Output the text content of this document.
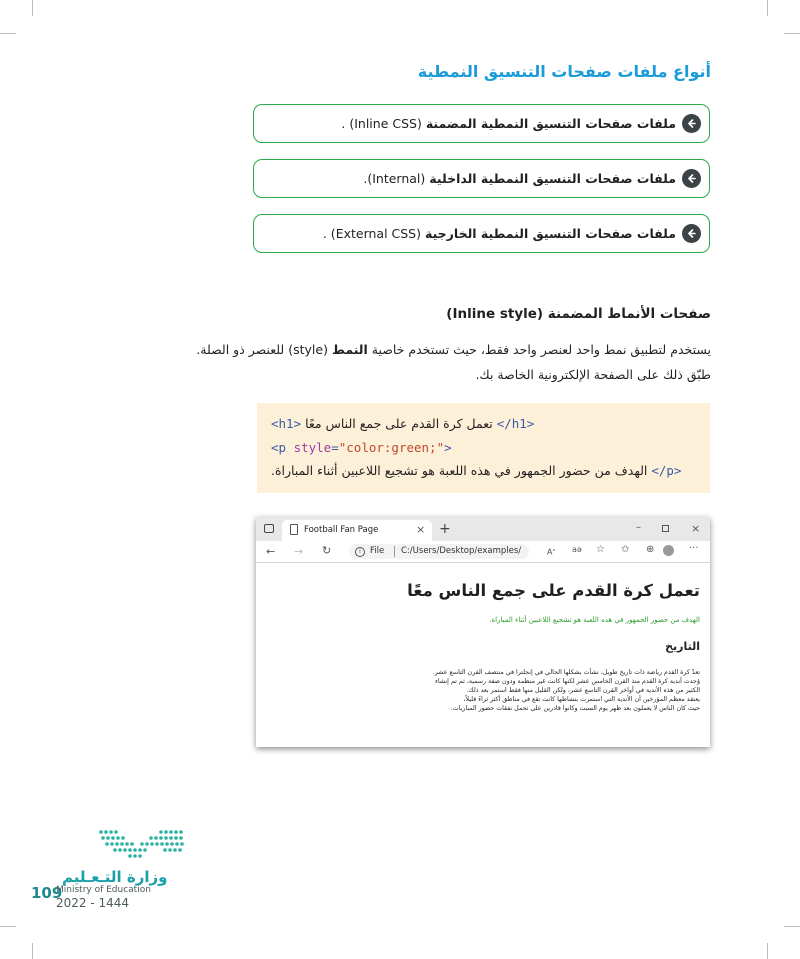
أنواع ملفات صفحات التنسيق النمطية
ملفات صفحات التنسيق النمطية المضمنة (Inline CSS) .
ملفات صفحات التنسيق النمطية الداخلية (Internal).
ملفات صفحات التنسيق النمطية الخارجية (External CSS) .
صفحات الأنماط المضمنة (Inline style)
يستخدم لتطبيق نمط واحد لعنصر واحد فقط، حيث تستخدم خاصية النمط (style) للعنصر ذو الصلة.
طبّق ذلك على الصفحة الإلكترونية الخاصة بك.
<h1> تعمل كرة القدم على جمع الناس معًا </h1>
<p style="color:green;">
.الهدف من حضور الجمهور في هذه اللعبة هو تشجيع اللاعبين أثناء المباراة </p>
Football Fan Page	× +	–	×
← → ↻	i	File C:/Users/Desktop/examples/	$A^{_a}$ aə ☆ ✩ ⊕	···
تعمل كرة القدم على جمع الناس معًا
الهدف من حضور الجمهور في هذه اللعبة هو تشجيع اللاعبين أثناء المباراة.
التاريخ
تعدّ كرة القدم رياضة ذات تاريخ طويل، نشأت بشكلها الحالي في إنجلترا في منتصف القرن التاسع عشر.
وُجدت أندية كرة القدم منذ القرن الخامس عشر لكنها كانت غير منظمة ودون صفة رسمية، ثم تم إنشاء
الكثير من هذه الأندية في أواخر القرن التاسع عشر، ولكن القليل منها فقط استمر بعد ذلك.
يعتقد معظم المؤرخين أن الأندية التي استمرت بنشاطها كانت تقع في مناطق أكثر ثراءً قليلاً،
حيث كان الناس لا يعملون بعد ظهر يوم السبت وكانوا قادرين على تحمل نفقات حضور المباريات.
وزارة التـعـليم
109
Ministry of Education
2022 - 1444
